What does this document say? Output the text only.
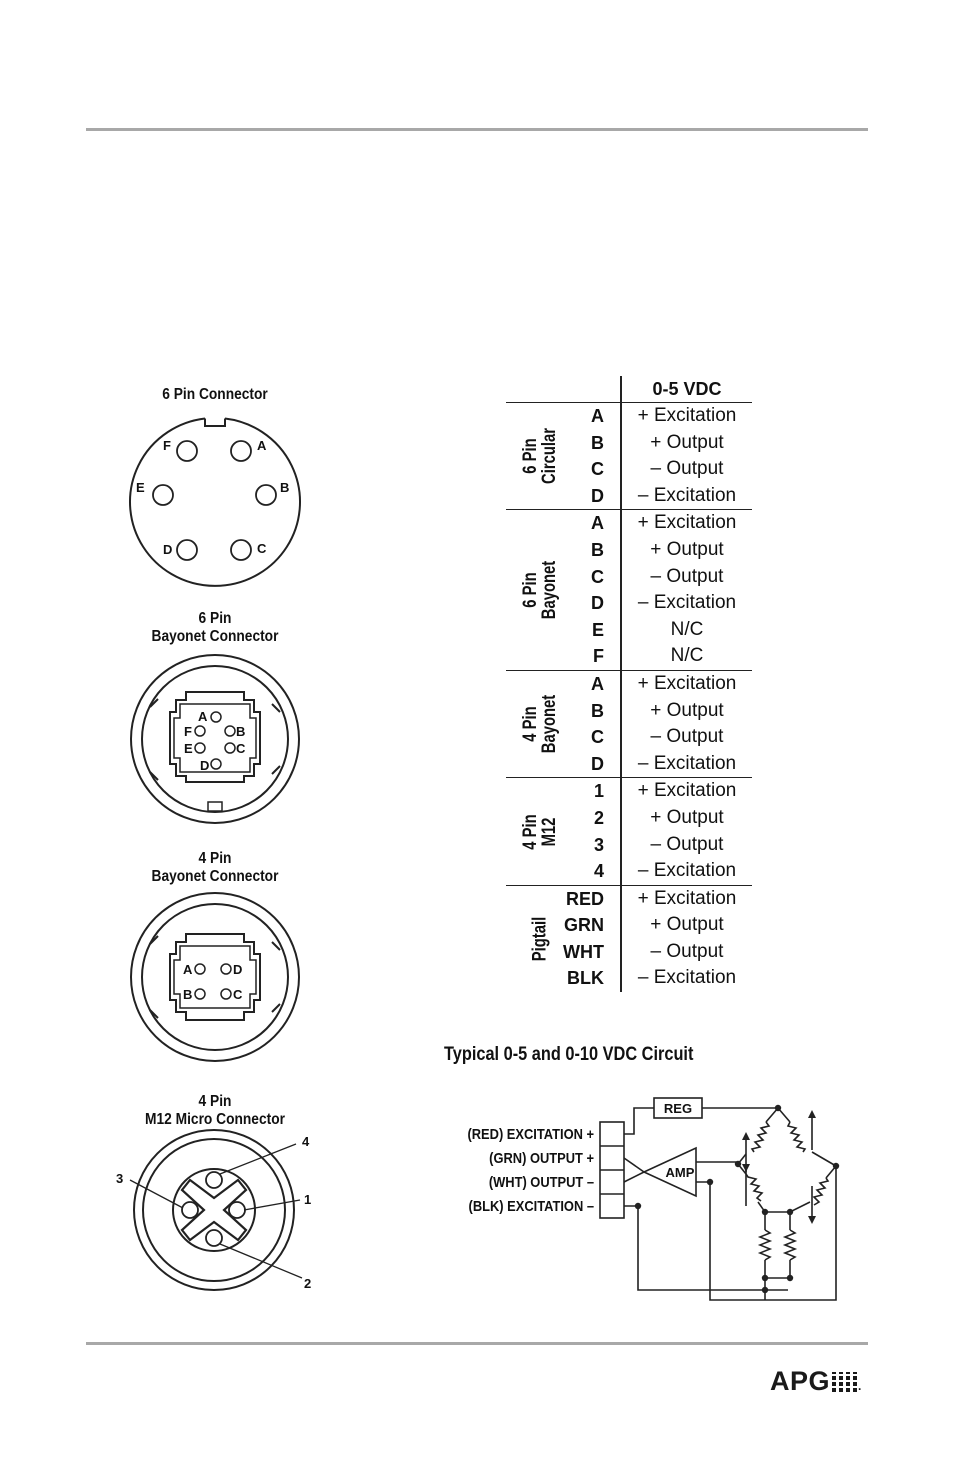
6 Pin Connector
A
B
C
D
E
F
6 Pin
Bayonet Connector
A
B
C
D
E
F
4 Pin
Bayonet Connector
A
B	C
D
4 Pin
M12 Micro Connector
1
2
3
4
0-5 VDC
6 Pin
Circular
A	+ Excitation
B	+ Output
C	– Output
D	– Excitation
6 Pin
Bayonet
A	+ Excitation
B	+ Output
C	– Output
D	– Excitation
E	N/C
F	N/C
4 Pin
Bayonet
A	+ Excitation
B	+ Output
C	– Output
D	– Excitation
4 Pin
M12
1	+ Excitation
2	+ Output
3	– Output
4	– Excitation
Pigtail
RED	+ Excitation
GRN	+ Output
WHT	– Output
BLK	– Excitation
Typical 0-5 and 0-10 VDC Circuit
(RED) EXCITATION +
(GRN) OUTPUT +
(WHT) OUTPUT –
(BLK) EXCITATION –
REG
AMP
APG .
